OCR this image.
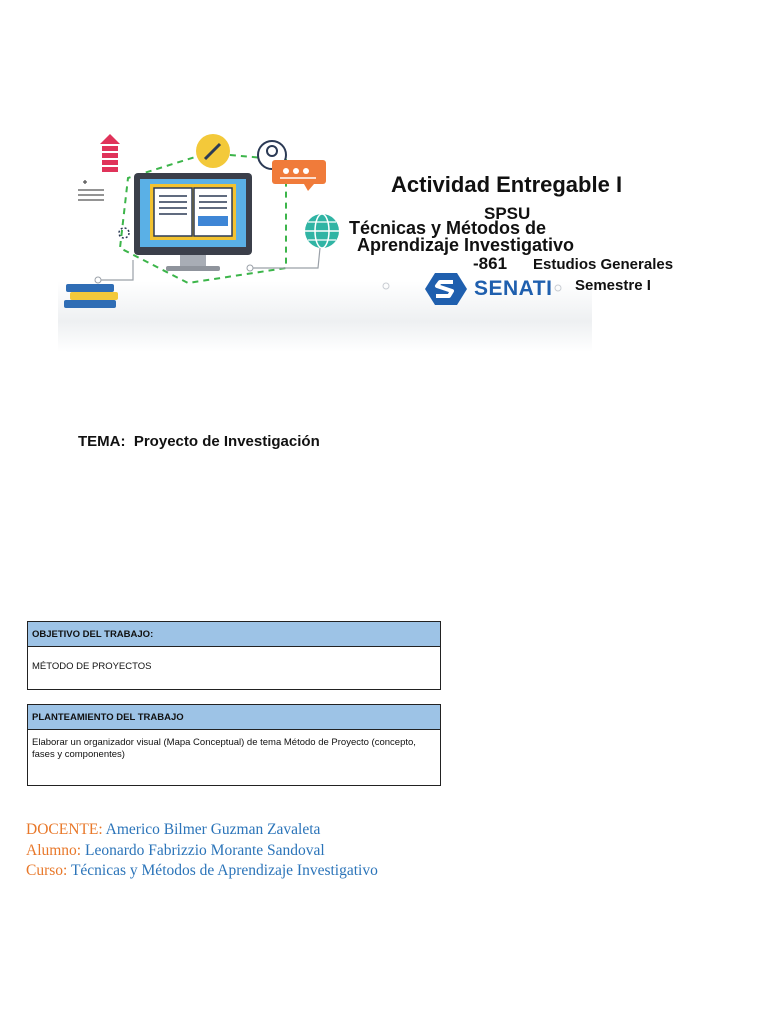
Actividad Entregable I
SPSU
Técnicas y Métodos de
Aprendizaje Investigativo
-861 Estudios Generales
SENATI Semestre I
TEMA: Proyecto de Investigación
OBJETIVO DEL TRABAJO:
MÉTODO DE PROYECTOS
PLANTEAMIENTO DEL TRABAJO
Elaborar un organizador visual (Mapa Conceptual) de tema Método de Proyecto (concepto, fases y componentes)
DOCENTE: Americo Bilmer Guzman Zavaleta
Alumno: Leonardo Fabrizzio Morante Sandoval
Curso: Técnicas y Métodos de Aprendizaje Investigativo
